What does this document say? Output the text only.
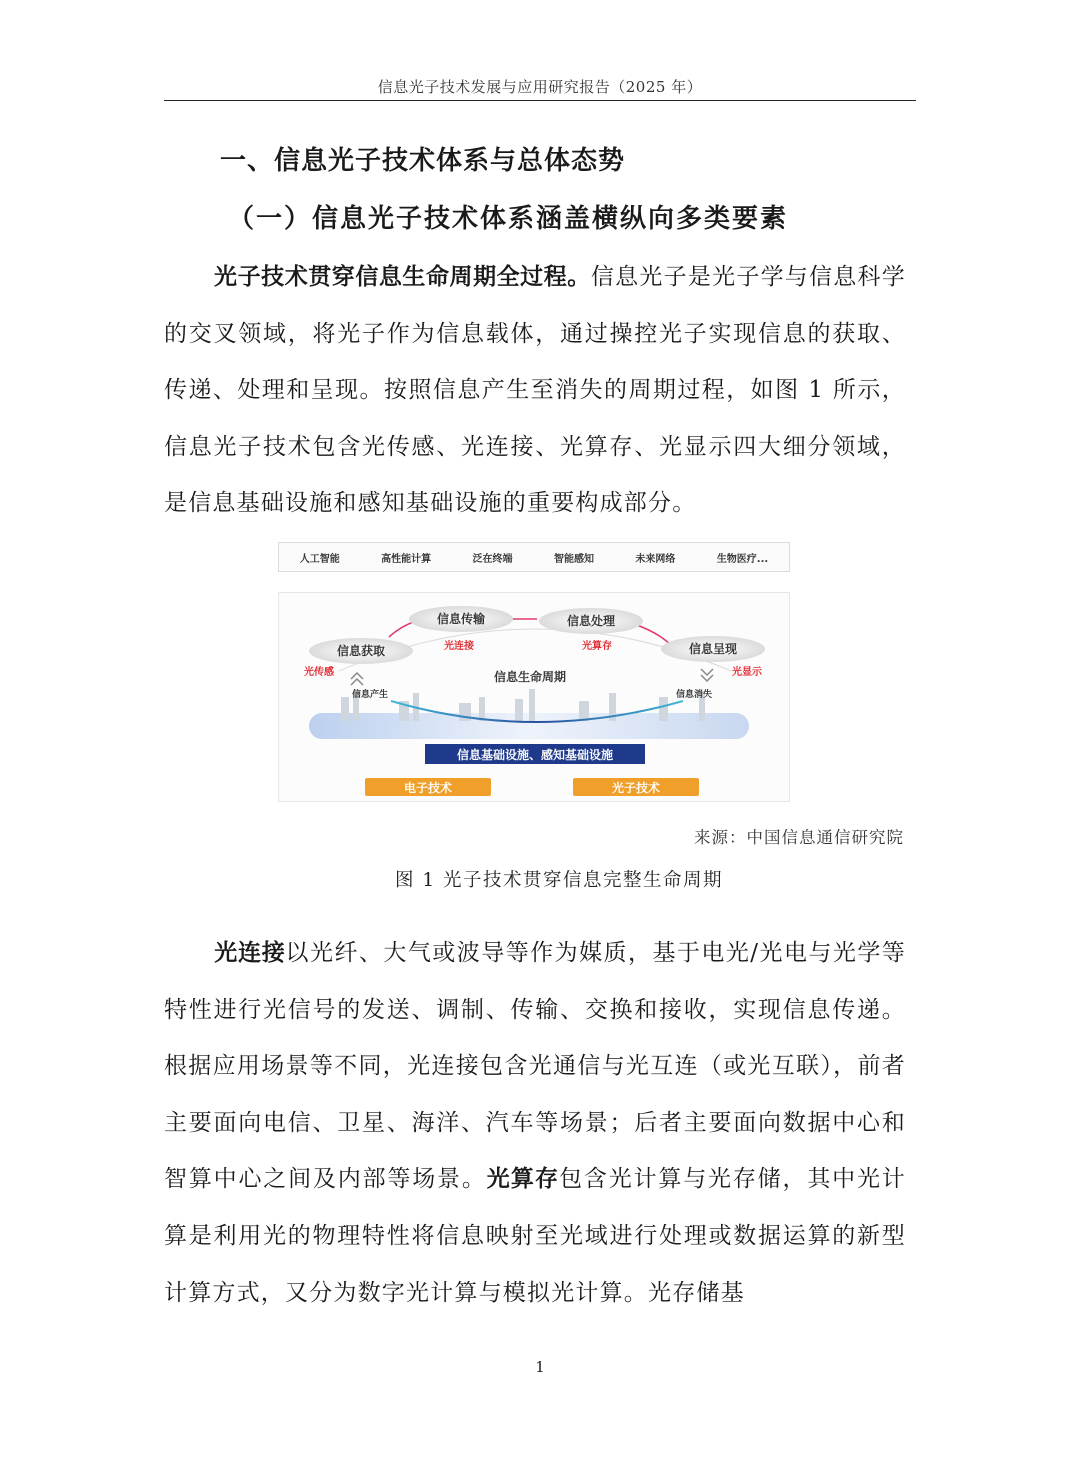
信息光子技术发展与应用研究报告（2025 年）
一、信息光子技术体系与总体态势
（一）信息光子技术体系涵盖横纵向多类要素
光子技术贯穿信息生命周期全过程。信息光子是光子学与信息科学的交叉领域，将光子作为信息载体，通过操控光子实现信息的获取、传递、处理和呈现。按照信息产生至消失的周期过程，如图 1 所示，信息光子技术包含光传感、光连接、光算存、光显示四大细分领域，是信息基础设施和感知基础设施的重要构成部分。
人工智能	高性能计算	泛在终端	智能感知	未来网络	生物医疗...
信息获取
信息传输	信息处理
信息呈现
光传感
光连接	光算存
光显示
信息生命周期
信息产生	信息消失
信息基础设施、感知基础设施
电子技术	光子技术
来源：中国信息通信研究院
图 1 光子技术贯穿信息完整生命周期
光连接以光纤、大气或波导等作为媒质，基于电光/光电与光学等特性进行光信号的发送、调制、传输、交换和接收，实现信息传递。根据应用场景等不同，光连接包含光通信与光互连（或光互联），前者主要面向电信、卫星、海洋、汽车等场景；后者主要面向数据中心和智算中心之间及内部等场景。光算存包含光计算与光存储，其中光计算是利用光的物理特性将信息映射至光域进行处理或数据运算的新型计算方式，又分为数字光计算与模拟光计算。光存储基
1
